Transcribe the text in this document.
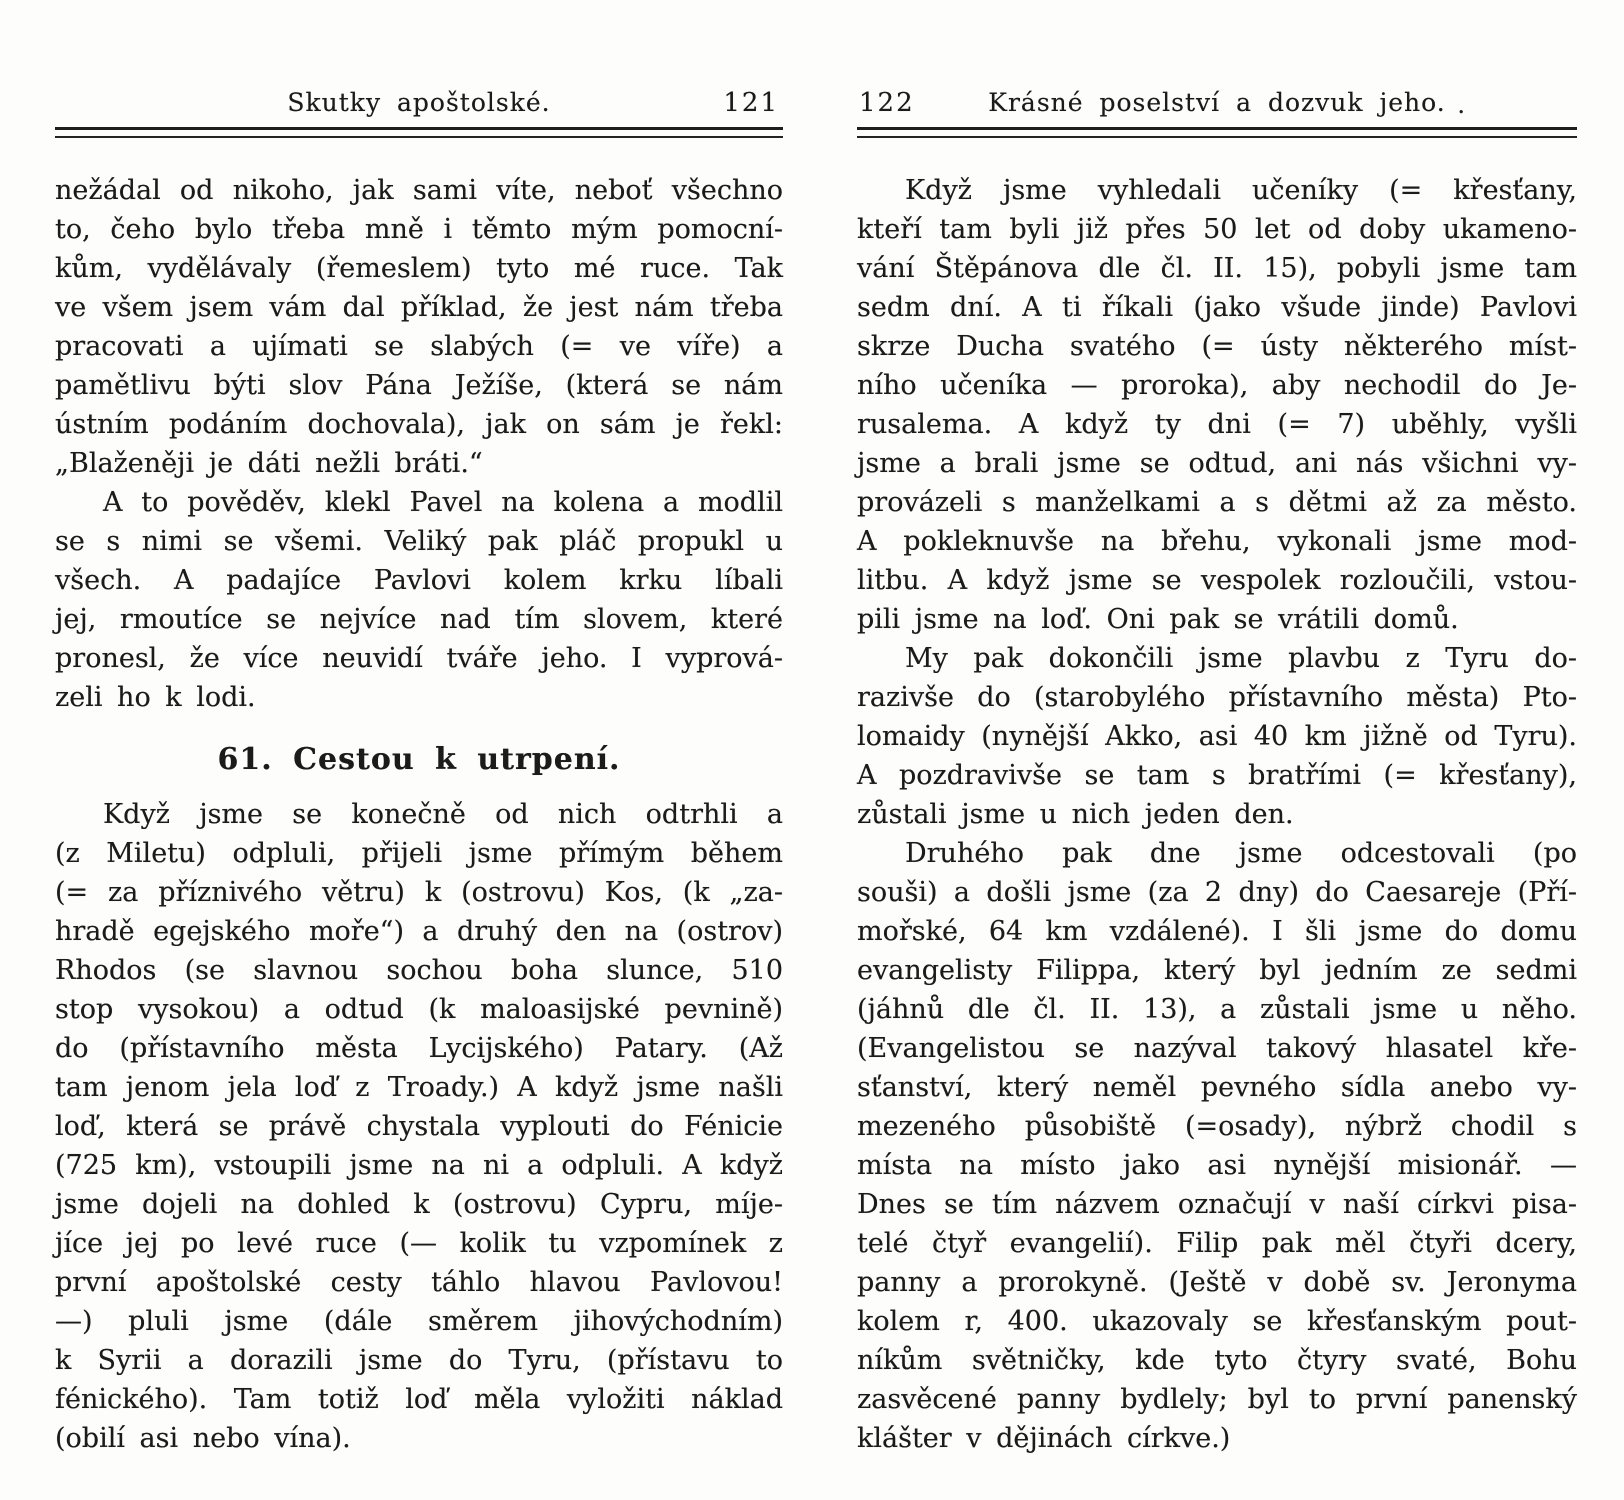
Skutky apoštolské.	121

nežádal od nikoho, jak sami víte, neboť všechno
to, čeho bylo třeba mně i těmto mým pomocní-
kům, vydělávaly (řemeslem) tyto mé ruce. Tak
ve všem jsem vám dal příklad, že jest nám třeba
pracovati a ujímati se slabých (= ve víře) a
pamětlivu býti slov Pána Ježíše, (která se nám
ústním podáním dochovala), jak on sám je řekl:
„Blaženěji je dáti nežli bráti.“

A to pověděv, klekl Pavel na kolena a modlil
se s nimi se všemi. Veliký pak pláč propukl u
všech. A padajíce Pavlovi kolem krku líbali
jej, rmoutíce se nejvíce nad tím slovem, které
pronesl, že více neuvidí tváře jeho. I vyprová-
zeli ho k lodi.

61. Cestou k utrpení.

Když jsme se konečně od nich odtrhli a
(z Miletu) odpluli, přijeli jsme přímým během
(= za příznivého větru) k (ostrovu) Kos, (k „za-
hradě egejského moře“) a druhý den na (ostrov)
Rhodos (se slavnou sochou boha slunce, 510
stop vysokou) a odtud (k maloasijské pevnině)
do (přístavního města Lycijského) Patary. (Až
tam jenom jela loď z Troady.) A když jsme našli
loď, která se právě chystala vyplouti do Fénicie
(725 km), vstoupili jsme na ni a odpluli. A když
jsme dojeli na dohled k (ostrovu) Cypru, míje-
jíce jej po levé ruce (— kolik tu vzpomínek z
první apoštolské cesty táhlo hlavou Pavlovou!
—) pluli jsme (dále směrem jihovýchodním)
k Syrii a dorazili jsme do Tyru, (přístavu to
fénického). Tam totiž loď měla vyložiti náklad
(obilí asi nebo vína).

122	Krásné poselství a dozvuk jeho. .

Když jsme vyhledali učeníky (= křesťany,
kteří tam byli již přes 50 let od doby ukameno-
vání Štěpánova dle čl. II. 15), pobyli jsme tam
sedm dní. A ti říkali (jako všude jinde) Pavlovi
skrze Ducha svatého (= ústy některého míst-
ního učeníka — proroka), aby nechodil do Je-
rusalema. A když ty dni (= 7) uběhly, vyšli
jsme a brali jsme se odtud, ani nás všichni vy-
provázeli s manželkami a s dětmi až za město.
A pokleknuvše na břehu, vykonali jsme mod-
litbu. A když jsme se vespolek rozloučili, vstou-
pili jsme na loď. Oni pak se vrátili domů.

My pak dokončili jsme plavbu z Tyru do-
razivše do (starobylého přístavního města) Pto-
lomaidy (nynější Akko, asi 40 km jižně od Tyru).
A pozdravivše se tam s bratřími (= křesťany),
zůstali jsme u nich jeden den.

Druhého pak dne jsme odcestovali (po
souši) a došli jsme (za 2 dny) do Caesareje (Pří-
mořské, 64 km vzdálené). I šli jsme do domu
evangelisty Filippa, který byl jedním ze sedmi
(jáhnů dle čl. II. 13), a zůstali jsme u něho.
(Evangelistou se nazýval takový hlasatel kře-
sťanství, který neměl pevného sídla anebo vy-
mezeného působiště (=osady), nýbrž chodil s
místa na místo jako asi nynější misionář. —
Dnes se tím názvem označují v naší církvi pisa-
telé čtyř evangelií). Filip pak měl čtyři dcery,
panny a prorokyně. (Ještě v době sv. Jeronyma
kolem r, 400. ukazovaly se křesťanským pout-
níkům světničky, kde tyto čtyry svaté, Bohu
zasvěcené panny bydlely; byl to první panenský
klášter v dějinách církve.)
